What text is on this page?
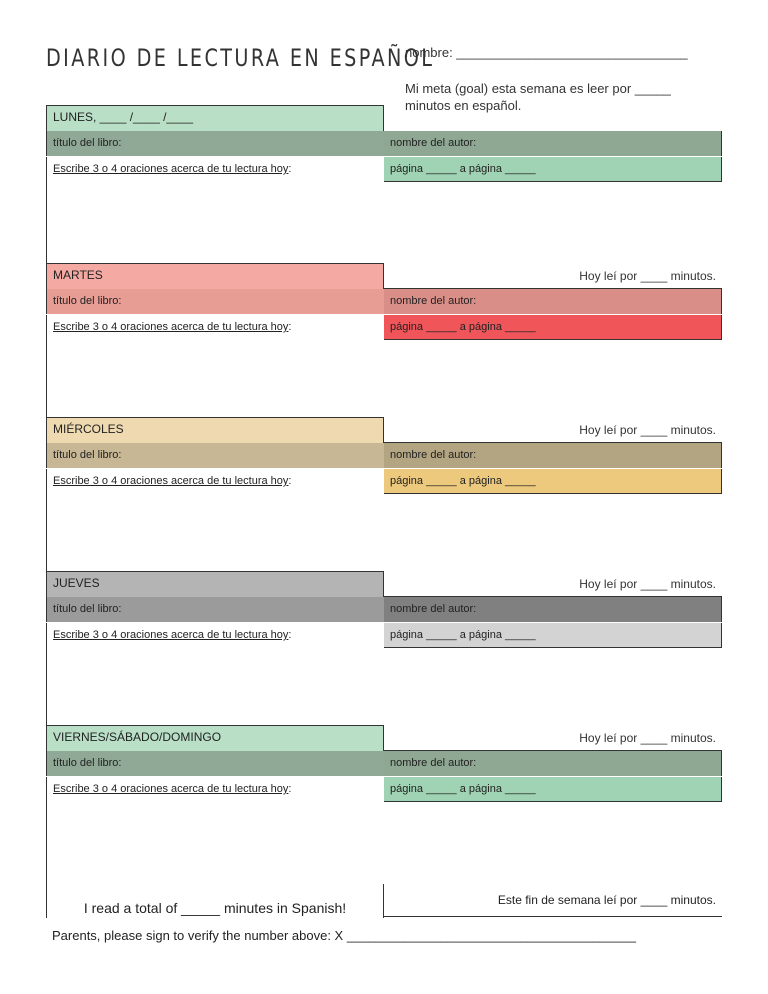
DIARIO DE LECTURA EN ESPAÑOL
nombre: ________________________________
Mi meta (goal) esta semana es leer por _____
minutos en español.
LUNES, ____ /____ /____
título del libro:	nombre del autor:
Escribe 3 o 4 oraciones acerca de tu lectura hoy:	página _____ a página _____
MARTES	Hoy leí por ____ minutos.
título del libro:	nombre del autor:
Escribe 3 o 4 oraciones acerca de tu lectura hoy:	página _____ a página _____
MIÉRCOLES	Hoy leí por ____ minutos.
título del libro:	nombre del autor:
Escribe 3 o 4 oraciones acerca de tu lectura hoy:	página _____ a página _____
JUEVES	Hoy leí por ____ minutos.
título del libro:	nombre del autor:
Escribe 3 o 4 oraciones acerca de tu lectura hoy:	página _____ a página _____
VIERNES/SÁBADO/DOMINGO	Hoy leí por ____ minutos.
título del libro:	nombre del autor:
Escribe 3 o 4 oraciones acerca de tu lectura hoy:	página _____ a página _____
I read a total of _____ minutes in Spanish!	Este fin de semana leí por ____ minutos.
Parents, please sign to verify the number above: X ________________________________________
